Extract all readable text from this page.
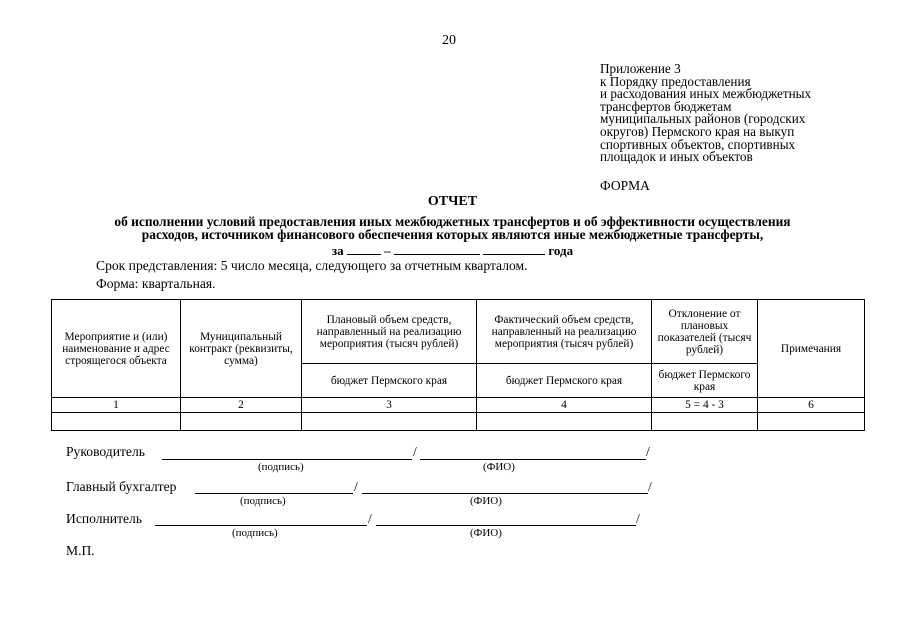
20
Приложение 3
к Порядку предоставления
и расходования иных межбюджетных
трансфертов бюджетам
муниципальных районов (городских
округов) Пермского края на выкуп
спортивных объектов, спортивных
площадок и иных объектов
ФОРМА
ОТЧЕТ
об исполнении условий предоставления иных межбюджетных трансфертов и об эффективности осуществления
расходов, источником финансового обеспечения которых являются иные межбюджетные трансферты,
за	–	года
Срок представления: 5 число месяца, следующего за отчетным кварталом.
Форма: квартальная.
Мероприятие и (или) наименование и адрес строящегося объекта	Муниципальный контракт (реквизиты, сумма)	Плановый объем средств, направленный на реализацию мероприятия (тысяч рублей)	Фактический объем средств, направленный на реализацию мероприятия (тысяч рублей)	Отклонение от плановых показателей (тысяч рублей)	Примечания
		бюджет Пермского края	бюджет Пермского края	бюджет Пермского края	
1	2	3	4	5 = 4 - 3	6

Руководитель	/	/
(подпись)	(ФИО)
Главный бухгалтер	/	/
(подпись)	(ФИО)
Исполнитель	/	/
(подпись)	(ФИО)
М.П.
